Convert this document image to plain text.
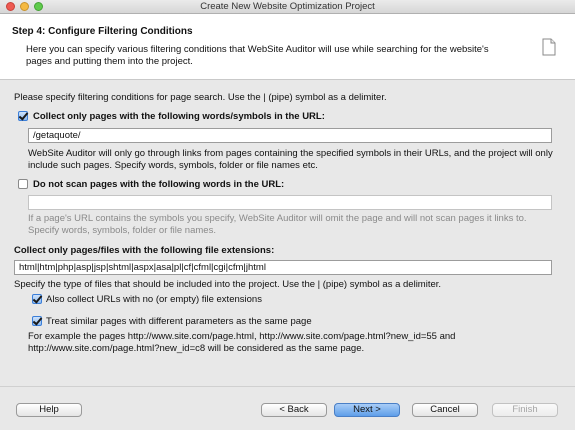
Create New Website Optimization Project
Step 4: Configure Filtering Conditions
Here you can specify various filtering conditions that WebSite Auditor will use while searching for the website's pages and putting them into the project.
Please specify filtering conditions for page search. Use the | (pipe) symbol as a delimiter.
Collect only pages with the following words/symbols in the URL:
/getaquote/
WebSite Auditor will only go through links from pages containing the specified symbols in their URLs, and the project will only include such pages. Specify words, symbols, folder or file names etc.
Do not scan pages with the following words in the URL:
If a page's URL contains the symbols you specify, WebSite Auditor will omit the page and will not scan pages it links to. Specify words, symbols, folder or file names.
Collect only pages/files with the following file extensions:
html|htm|php|asp|jsp|shtml|aspx|asa|pl|cf|cfml|cgi|cfm|jhtml
Specify the type of files that should be included into the project. Use the | (pipe) symbol as a delimiter.
Also collect URLs with no (or empty) file extensions
Treat similar pages with different parameters as the same page
For example the pages http://www.site.com/page.html, http://www.site.com/page.html?new_id=55 and http://www.site.com/page.html?new_id=c8 will be considered as the same page.
Help	< Back	Next >	Cancel	Finish
